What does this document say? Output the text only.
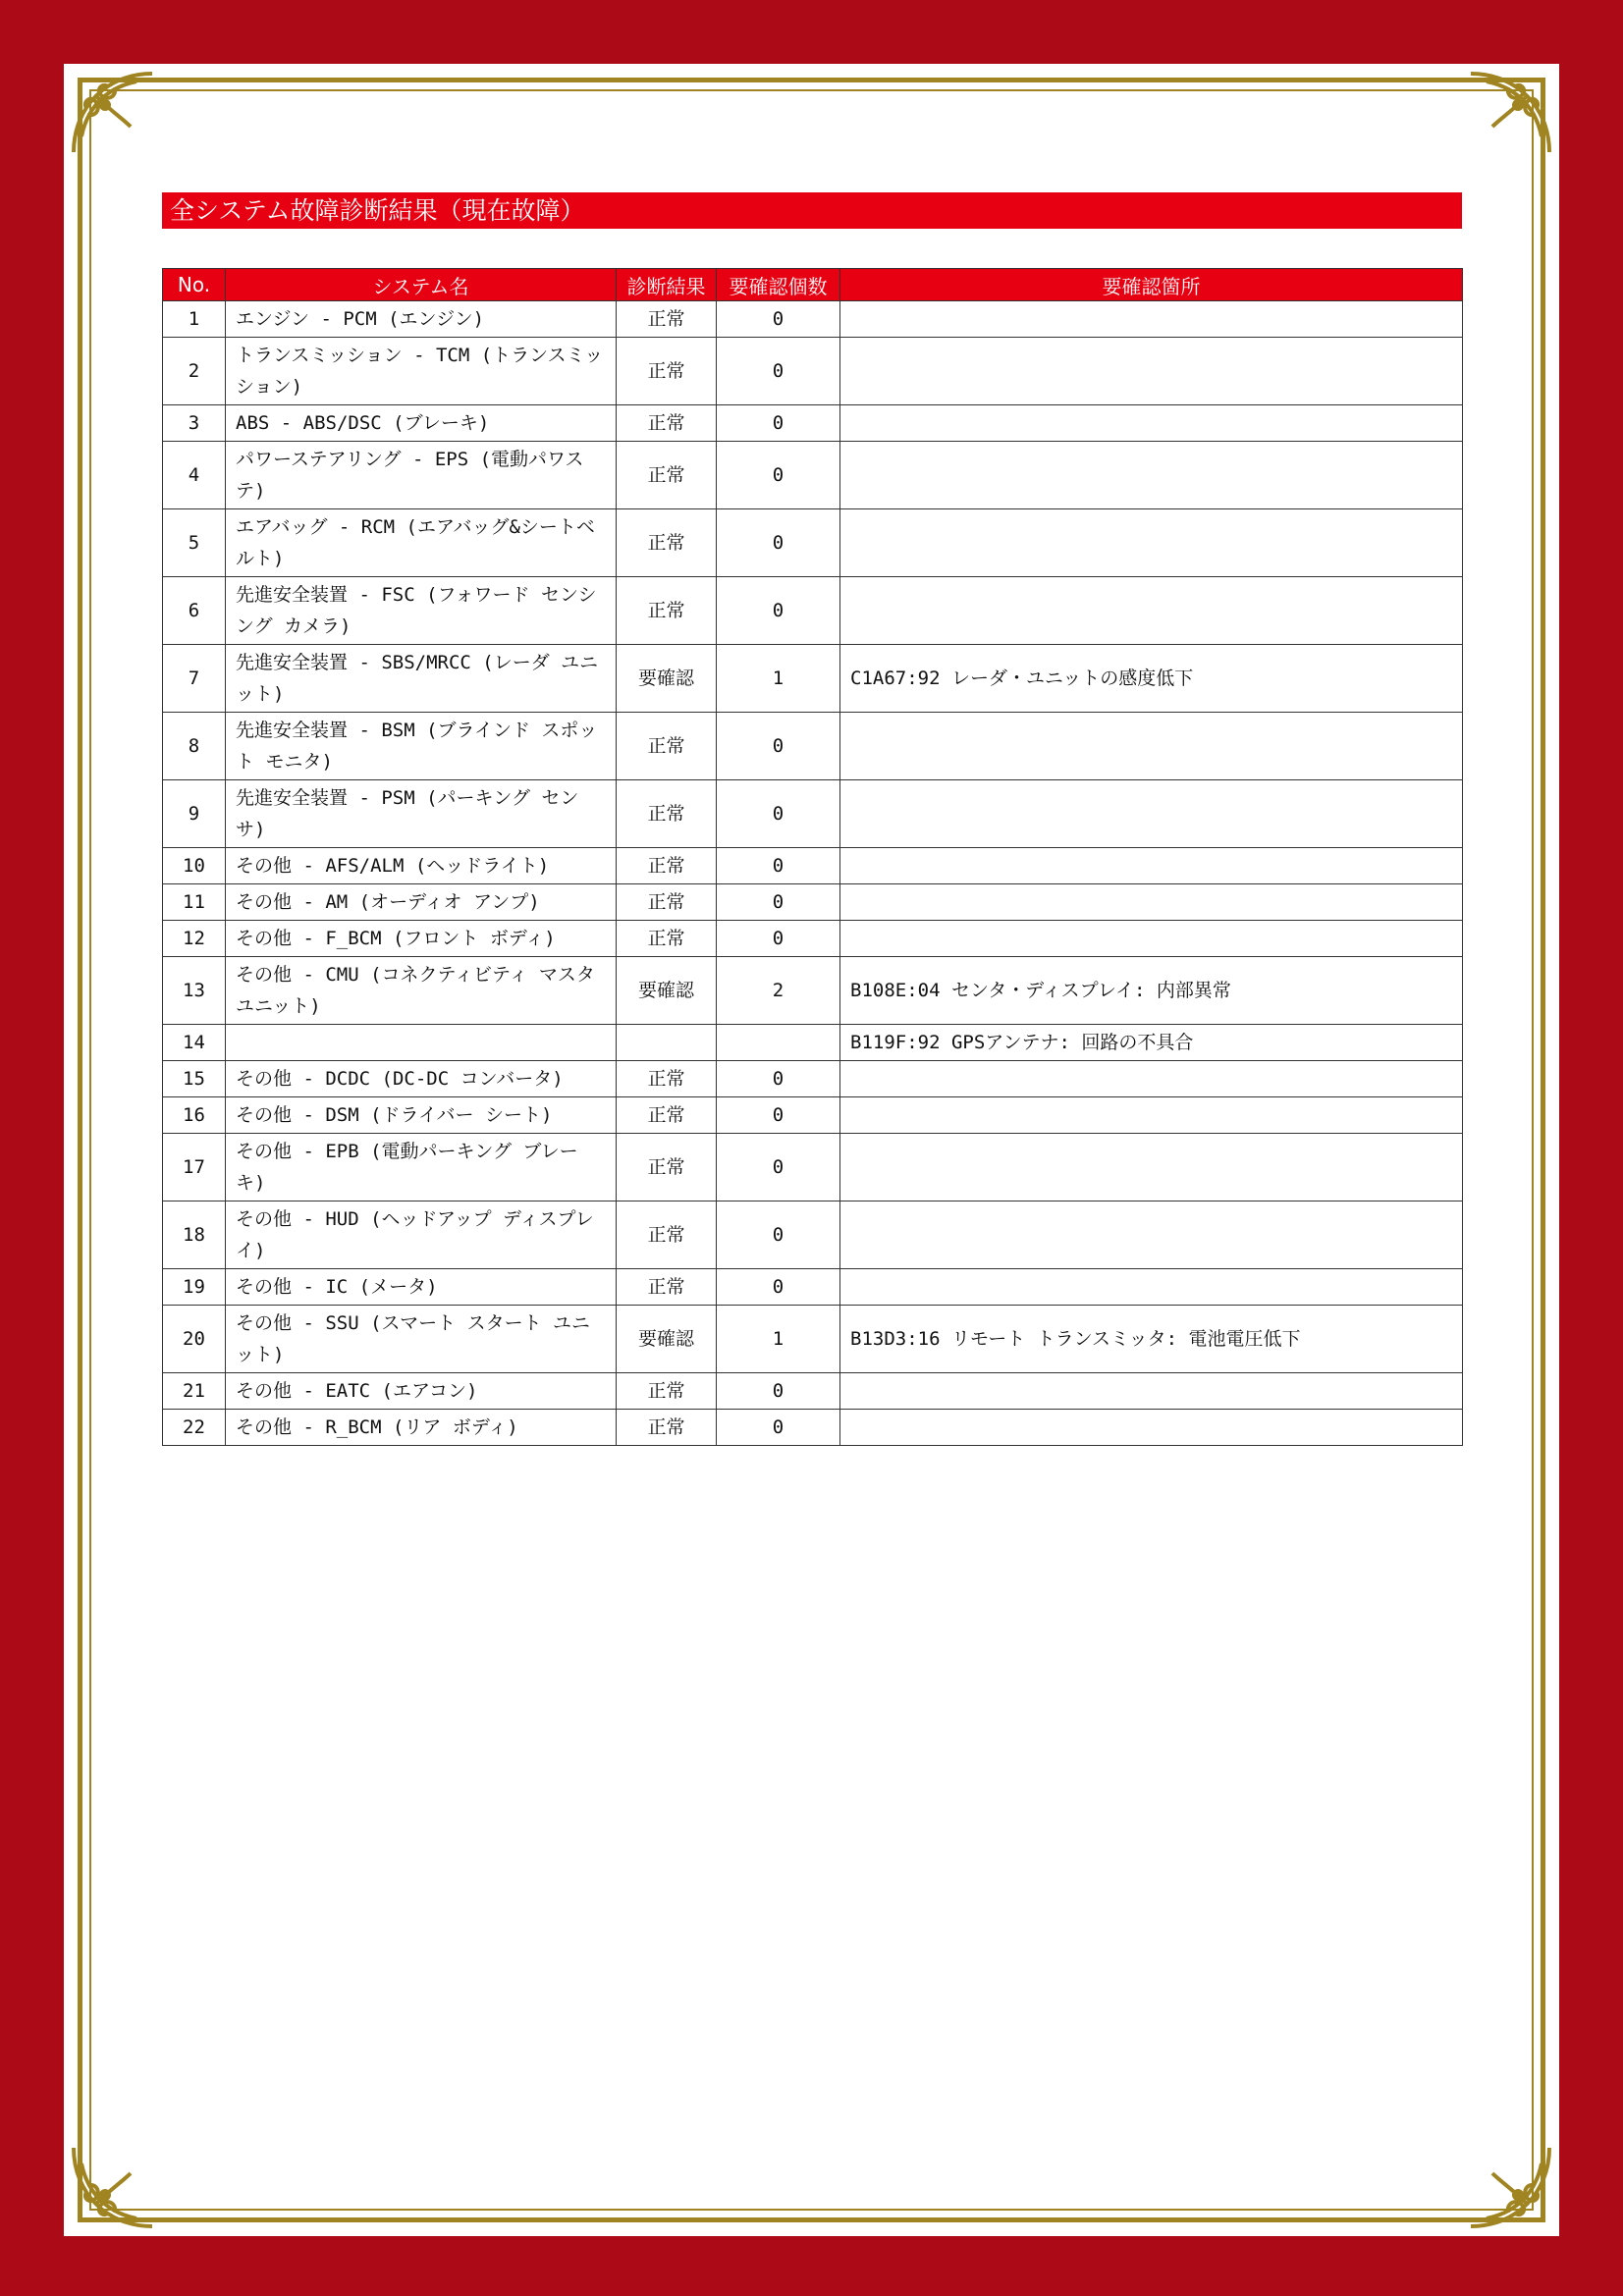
全システム故障診断結果（現在故障）
No.	システム名	診断結果	要確認個数	要確認箇所
1	エンジン - PCM (エンジン)	正常	0	
2	トランスミッション - TCM (トランスミッション)	正常	0	
3	ABS - ABS/DSC (ブレーキ)	正常	0	
4	パワーステアリング - EPS (電動パワステ)	正常	0	
5	エアバッグ - RCM (エアバッグ&シートベルト)	正常	0	
6	先進安全装置 - FSC (フォワード センシング カメラ)	正常	0	
7	先進安全装置 - SBS/MRCC (レーダ ユニット)	要確認	1	C1A67:92 レーダ・ユニットの感度低下
8	先進安全装置 - BSM (ブラインド スポット モニタ)	正常	0	
9	先進安全装置 - PSM (パーキング センサ)	正常	0	
10	その他 - AFS/ALM (ヘッドライト)	正常	0	
11	その他 - AM (オーディオ アンプ)	正常	0	
12	その他 - F_BCM (フロント ボディ)	正常	0	
13	その他 - CMU (コネクティビティ マスタ ユニット)	要確認	2	B108E:04 センタ・ディスプレイ: 内部異常
14				B119F:92 GPSアンテナ: 回路の不具合
15	その他 - DCDC (DC-DC コンバータ)	正常	0	
16	その他 - DSM (ドライバー シート)	正常	0	
17	その他 - EPB (電動パーキング ブレーキ)	正常	0	
18	その他 - HUD (ヘッドアップ ディスプレイ)	正常	0	
19	その他 - IC (メータ)	正常	0	
20	その他 - SSU (スマート スタート ユニット)	要確認	1	B13D3:16 リモート トランスミッタ: 電池電圧低下
21	その他 - EATC (エアコン)	正常	0	
22	その他 - R_BCM (リア ボディ)	正常	0	
